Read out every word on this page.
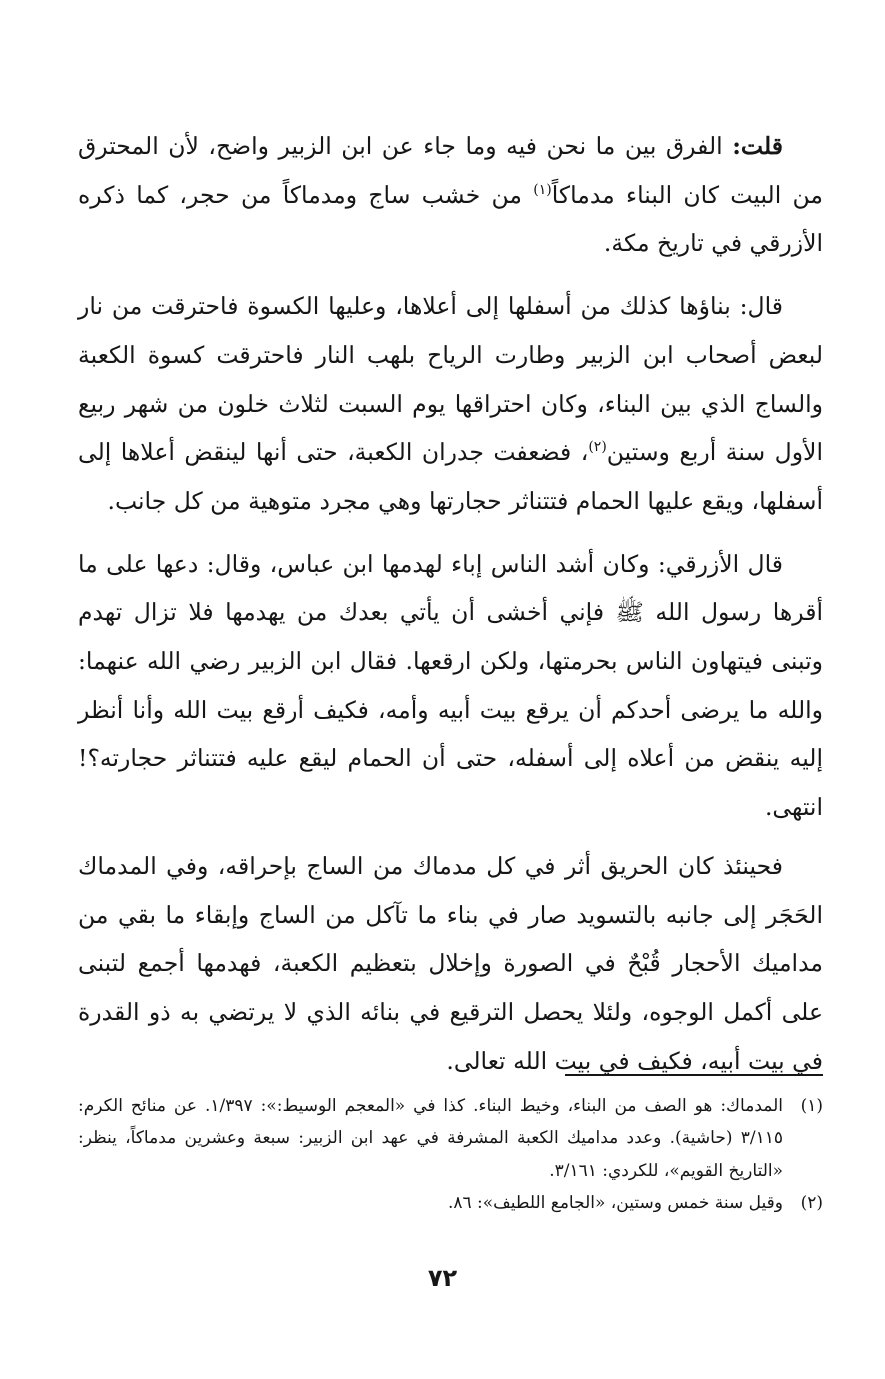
قلت: الفرق بين ما نحن فيه وما جاء عن ابن الزبير واضح، لأن المحترق من البيت كان البناء مدماكاً$^{(١)}$ من خشب ساج ومدماكاً من حجر، كما ذكره الأزرقي في تاريخ مكة.

قال: بناؤها كذلك من أسفلها إلى أعلاها، وعليها الكسوة فاحترقت من نار لبعض أصحاب ابن الزبير وطارت الرياح بلهب النار فاحترقت كسوة الكعبة والساج الذي بين البناء، وكان احتراقها يوم السبت لثلاث خلون من شهر ربيع الأول سنة أربع وستين$^{(٢)}$، فضعفت جدران الكعبة، حتى أنها لينقض أعلاها إلى أسفلها، ويقع عليها الحمام فتتناثر حجارتها وهي مجرد متوهية من كل جانب.

قال الأزرقي: وكان أشد الناس إباء لهدمها ابن عباس، وقال: دعها على ما أقرها رسول الله ﷺ فإني أخشى أن يأتي بعدك من يهدمها فلا تزال تهدم وتبنى فيتهاون الناس بحرمتها، ولكن ارقعها. فقال ابن الزبير رضي الله عنهما: والله ما يرضى أحدكم أن يرقع بيت أبيه وأمه، فكيف أرقع بيت الله وأنا أنظر إليه ينقض من أعلاه إلى أسفله، حتى أن الحمام ليقع عليه فتتناثر حجارته؟! انتهى.

فحينئذ كان الحريق أثر في كل مدماك من الساج بإحراقه، وفي المدماك الحَجَر إلى جانبه بالتسويد صار في بناء ما تآكل من الساج وإبقاء ما بقي من مداميك الأحجار قُبْحٌ في الصورة وإخلال بتعظيم الكعبة، فهدمها أجمع لتبنى على أكمل الوجوه، ولئلا يحصل الترقيع في بنائه الذي لا يرتضي به ذو القدرة في بيت أبيه، فكيف في بيت الله تعالى.

(١)
المدماك: هو الصف من البناء، وخيط البناء. كذا في «المعجم الوسيط:»: ١/٣٩٧. عن منائح الكرم: ٣/١١٥ (حاشية). وعدد مداميك الكعبة المشرفة في عهد ابن الزبير: سبعة وعشرين مدماكاً، ينظر: «التاريخ القويم»، للكردي: ٣/١٦١.
(٢)
وقيل سنة خمس وستين، «الجامع اللطيف»: ٨٦.
٧٢
